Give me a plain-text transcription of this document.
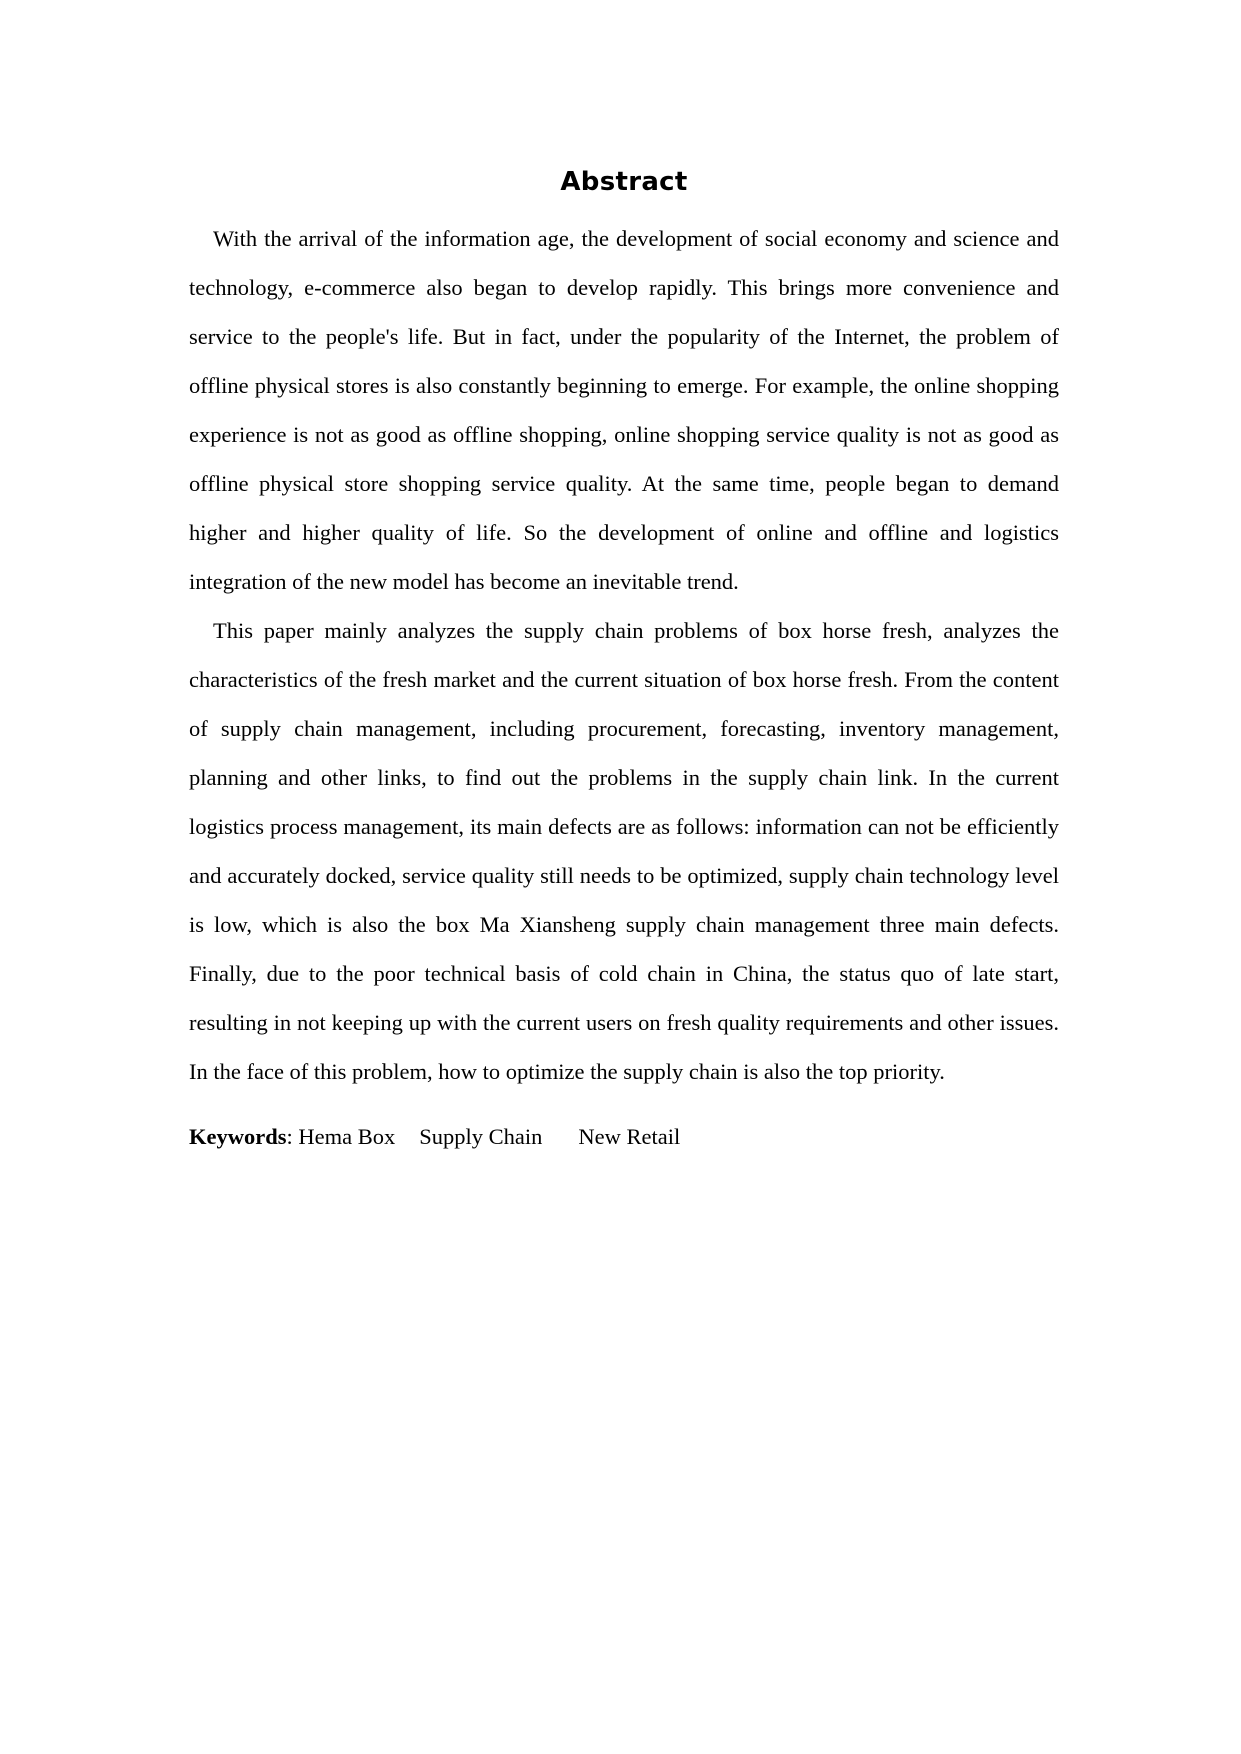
Abstract

With the arrival of the information age, the development of social economy and science and technology, e-commerce also began to develop rapidly. This brings more convenience and service to the people's life. But in fact, under the popularity of the Internet, the problem of offline physical stores is also constantly beginning to emerge. For example, the online shopping experience is not as good as offline shopping, online shopping service quality is not as good as offline physical store shopping service quality. At the same time, people began to demand higher and higher quality of life. So the development of online and offline and logistics integration of the new model has become an inevitable trend.

This paper mainly analyzes the supply chain problems of box horse fresh, analyzes the characteristics of the fresh market and the current situation of box horse fresh. From the content of supply chain management, including procurement, forecasting, inventory management, planning and other links, to find out the problems in the supply chain link. In the current logistics process management, its main defects are as follows: information can not be efficiently and accurately docked, service quality still needs to be optimized, supply chain technology level is low, which is also the box Ma Xiansheng supply chain management three main defects. Finally, due to the poor technical basis of cold chain in China, the status quo of late start, resulting in not keeping up with the current users on fresh quality requirements and other issues. In the face of this problem, how to optimize the supply chain is also the top priority.

Keywords: Hema Box Supply Chain New Retail
